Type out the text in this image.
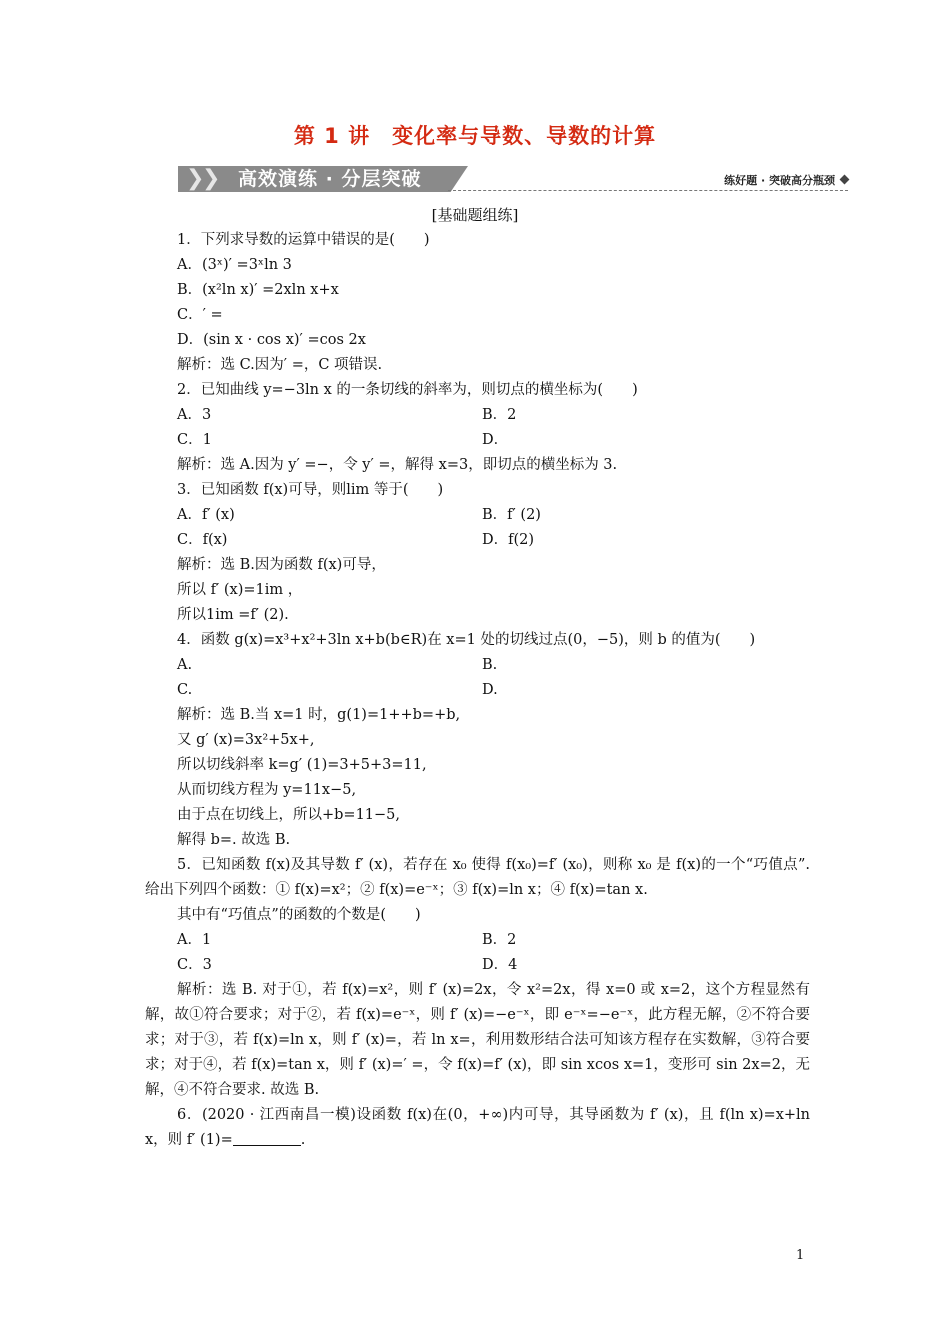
第 1 讲　变化率与导数、导数的计算
❯
❯ 高效演练 · 分层突破	练好题 · 突破高分瓶颈
[基础题组练]
1．下列求导数的运算中错误的是(　　)
A．(3ˣ)′ =3ˣln 3
B．(x²ln x)′ =2xln x+x
C．′ =
D．(sin x · cos x)′ =cos 2x
解析：选 C.因为′ =，C 项错误.
2．已知曲线 y=−3ln x 的一条切线的斜率为，则切点的横坐标为(　　)
A．3	B．2
C．1	D．
解析：选 A.因为 y′ =−，令 y′ =，解得 x=3，即切点的横坐标为 3.
3．已知函数 f(x)可导，则lim 等于(　　)
A．f′ (x)	B．f′ (2)
C．f(x)	D．f(2)
解析：选 B.因为函数 f(x)可导，
所以 f′ (x)=1im ，
所以1im =f′ (2).
4．函数 g(x)=x³+x²+3ln x+b(b∈R)在 x=1 处的切线过点(0，−5)，则 b 的值为(　　)
A.	B.
C.	D.
解析：选 B.当 x=1 时，g(1)=1++b=+b,
又 g′ (x)=3x²+5x+,
所以切线斜率 k=g′ (1)=3+5+3=11,
从而切线方程为 y=11x−5,
由于点在切线上，所以+b=11−5,
解得 b=. 故选 B.
5．已知函数 f(x)及其导数 f′ (x)，若存在 x₀ 使得 f(x₀)=f′ (x₀)，则称 x₀ 是 f(x)的一个“巧值点”. 给出下列四个函数：① f(x)=x²；② f(x)=e⁻ˣ；③ f(x)=ln x；④ f(x)=tan x.
其中有“巧值点”的函数的个数是(　　)
A．1	B．2
C．3	D．4
解析：选 B. 对于①，若 f(x)=x²，则 f′ (x)=2x，令 x²=2x，得 x=0 或 x=2，这个方程显然有解，故①符合要求；对于②，若 f(x)=e⁻ˣ，则 f′ (x)=−e⁻ˣ，即 e⁻ˣ=−e⁻ˣ，此方程无解，②不符合要求；对于③，若 f(x)=ln x，则 f′ (x)=，若 ln x=，利用数形结合法可知该方程存在实数解，③符合要求；对于④，若 f(x)=tan x，则 f′ (x)=′ =，令 f(x)=f′ (x)，即 sin xcos x=1，变形可 sin 2x=2，无解，④不符合要求. 故选 B.
6．(2020 · 江西南昌一模)设函数 f(x)在(0，+∞)内可导，其导函数为 f′ (x)，且 f(ln x)=x+ln x，则 f′ (1)=	.
1
